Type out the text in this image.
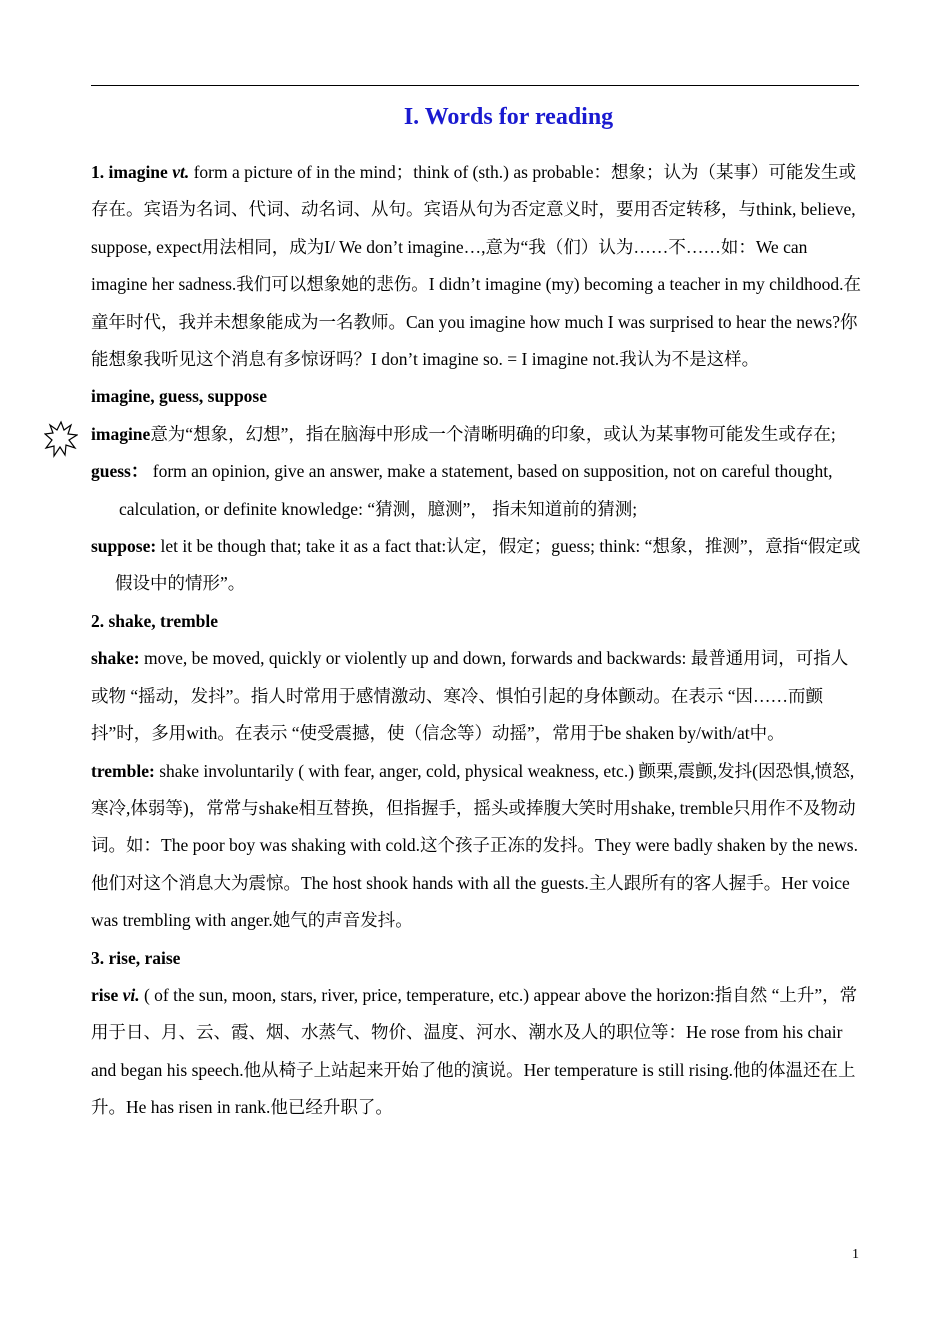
I. Words for reading

1. imagine vt. form a picture of in the mind；think of (sth.) as probable：想象；认为（某事）可能发生或存在。宾语为名词、代词、动名词、从句。宾语从句为否定意义时，要用否定转移，与think, believe, suppose, expect用法相同，成为I/ We don’t imagine…,意为“我（们）认为……不……如：We can imagine her sadness.我们可以想象她的悲伤。I didn’t imagine (my) becoming a teacher in my childhood.在童年时代，我并未想象能成为一名教师。Can you imagine how much I was surprised to hear the news?你能想象我听见这个消息有多惊讶吗？I don’t imagine so. = I imagine not.我认为不是这样。

imagine, guess, suppose

imagine意为“想象，幻想”，指在脑海中形成一个清晰明确的印象，或认为某事物可能发生或存在;

guess： form an opinion, give an answer, make a statement, based on supposition, not on careful thought, calculation, or definite knowledge: “猜测，臆测”， 指未知道前的猜测;

suppose: let it be though that; take it as a fact that:认定，假定；guess; think: “想象，推测”，意指“假定或假设中的情形”。

2. shake, tremble

shake: move, be moved, quickly or violently up and down, forwards and backwards: 最普通用词，可指人或物 “摇动，发抖”。指人时常用于感情激动、寒冷、惧怕引起的身体颤动。在表示 “因……而颤抖”时，多用with。在表示 “使受震撼，使（信念等）动摇”，常用于be shaken by/with/at中。

tremble: shake involuntarily ( with fear, anger, cold, physical weakness, etc.) 颤栗,震颤,发抖(因恐惧,愤怒,寒冷,体弱等)，常常与shake相互替换，但指握手，摇头或捧腹大笑时用shake, tremble只用作不及物动词。如：The poor boy was shaking with cold.这个孩子正冻的发抖。They were badly shaken by the news.他们对这个消息大为震惊。The host shook hands with all the guests.主人跟所有的客人握手。Her voice was trembling with anger.她气的声音发抖。

3. rise, raise

rise vi. ( of the sun, moon, stars, river, price, temperature, etc.) appear above the horizon:指自然 “上升”，常用于日、月、云、霞、烟、水蒸气、物价、温度、河水、潮水及人的职位等：He rose from his chair and began his speech.他从椅子上站起来开始了他的演说。Her temperature is still rising.他的体温还在上升。He has risen in rank.他已经升职了。

1
